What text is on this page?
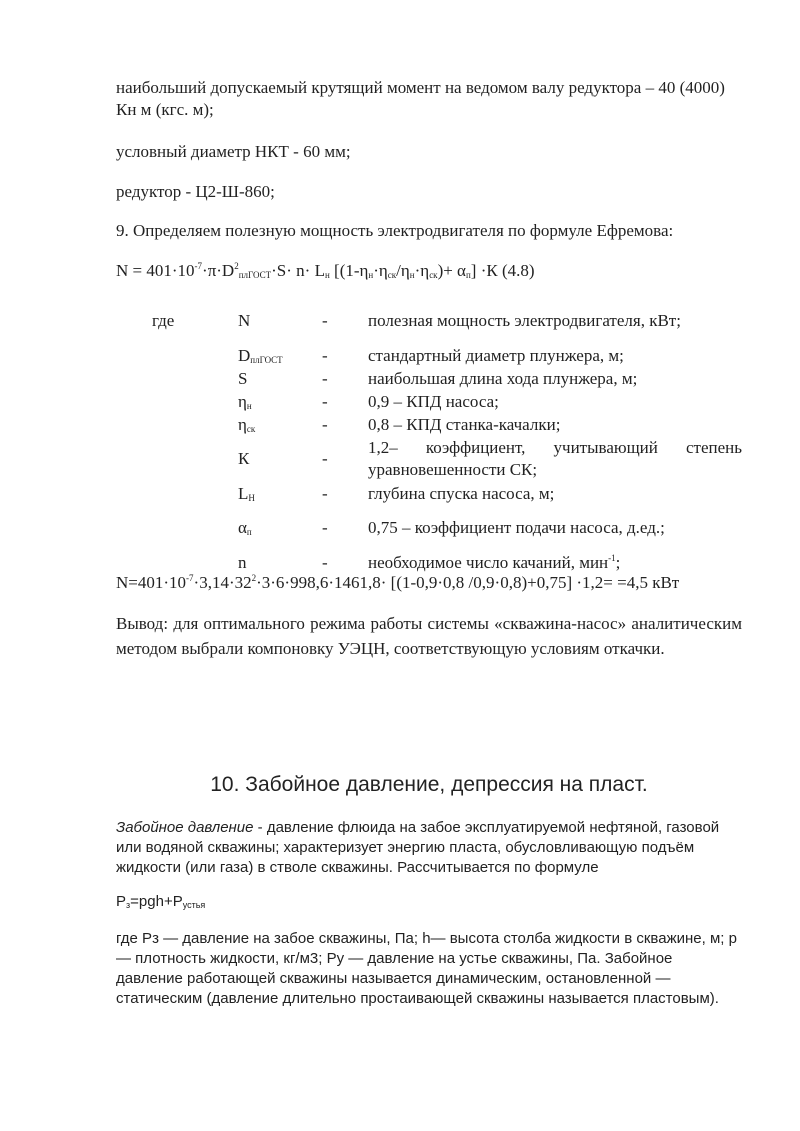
наибольший допускаемый крутящий момент на ведомом валу редуктора – 40 (4000) Кн м (кгс. м);

условный диаметр НКТ - 60 мм;

редуктор - Ц2-Ш-860;

9. Определяем полезную мощность электродвигателя по формуле Ефремова:

$N = 401\cdot 10^{-7}\cdot\pi\cdot D^2_{плГОСТ}\cdot S\cdot n\cdot L_н$ $[(1-\eta_н\cdot\eta_{ск}/\eta_н\cdot\eta_{ск})+ \alpha_п] \cdot К$ (4.8)

где	N	-	полезная мощность электродвигателя, кВт;
	$D_{плГОСТ}$	-	стандартный диаметр плунжера, м;
	S	-	наибольшая длина хода плунжера, м;
	$\eta_н$	-	0,9 – КПД насоса;
	$\eta_{ск}$	-	0,8 – КПД станка-качалки;
	К	-	1,2– коэффициент, учитывающий степень уравновешенности СК;
	$L_Н$	-	глубина спуска насоса, м;
	$\alpha_п$	-	0,75 – коэффициент подачи насоса, д.ед.;
	n	-	необходимое число качаний, мин$^{-1}$;

$N=401\cdot 10^{-7}\cdot 3,14\cdot 32^2\cdot 3\cdot 6\cdot 998,6\cdot 1461,8\cdot [(1-0,9\cdot 0,8$ /0,9·0,8)+0,75] ·1,2= =4,5 кВт

Вывод: для оптимального режима работы системы «скважина-насос» аналитическим методом выбрали компоновку УЭЦН, соответствующую условиям откачки.

10. Забойное давление, депрессия на пласт.

Забойное давление - давление флюида на забое эксплуатируемой нефтяной, газовой или водяной скважины; характеризует энергию пласта, обусловливающую подъём жидкости (или газа) в стволе скважины. Рассчитывается по формуле

$Р_з=pgh+Р_{устья}$

где Рз — давление на забое скважины, Па; h— высота столба жидкости в скважине, м; p— плотность жидкости, кг/м3; Ру — давление на устье скважины, Па. Забойное давление работающей скважины называется динамическим, остановленной — статическим (давление длительно простаивающей скважины называется пластовым).
